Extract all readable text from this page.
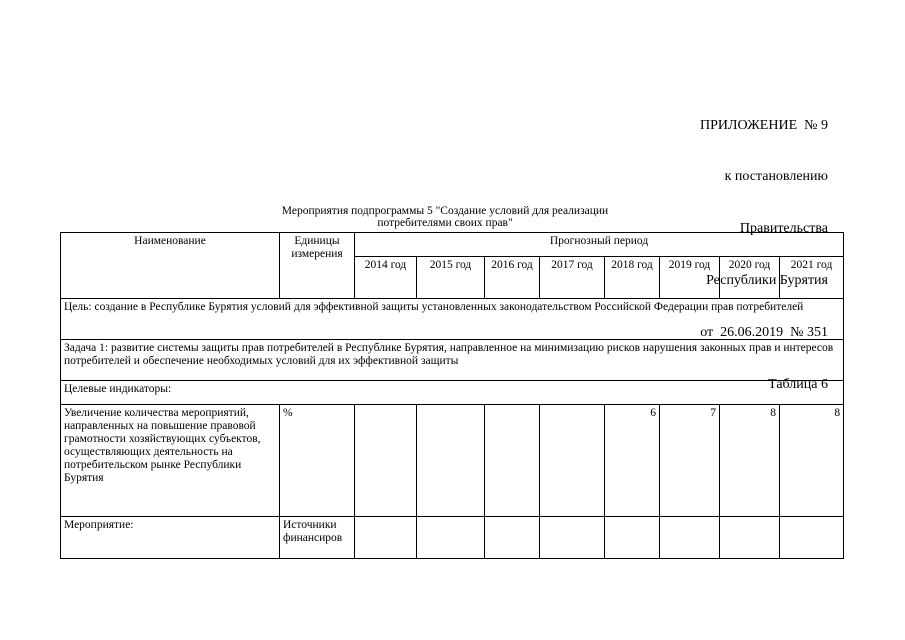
ПРИЛОЖЕНИЕ  № 9

к постановлению

Правительства

Республики Бурятия

от  26.06.2019  № 351

Таблица 6

Мероприятия подпрограммы 5 "Создание условий для реализации
потребителями своих прав"
Наименование	Единицы измерения	Прогнозный период							
		2014 год	2015 год	2016 год	2017 год	2018 год	2019 год	2020 год	2021 год
Цель: создание в Республике Бурятия условий для эффективной защиты установленных законодательством Российской Федерации прав потребителей									
Задача 1: развитие системы защиты прав потребителей в Республике Бурятия, направленное на минимизацию рисков нарушения законных прав и интересов потребителей и обеспечение необходимых условий для их эффективной защиты									
Целевые индикаторы:									
Увеличение количества мероприятий, направленных на повышение правовой грамотности хозяйствующих субъектов, осуществляющих деятельность на потребительском рынке Республики Бурятия	%					6	7	8	8
Мероприятие:	Источники финансиров								
